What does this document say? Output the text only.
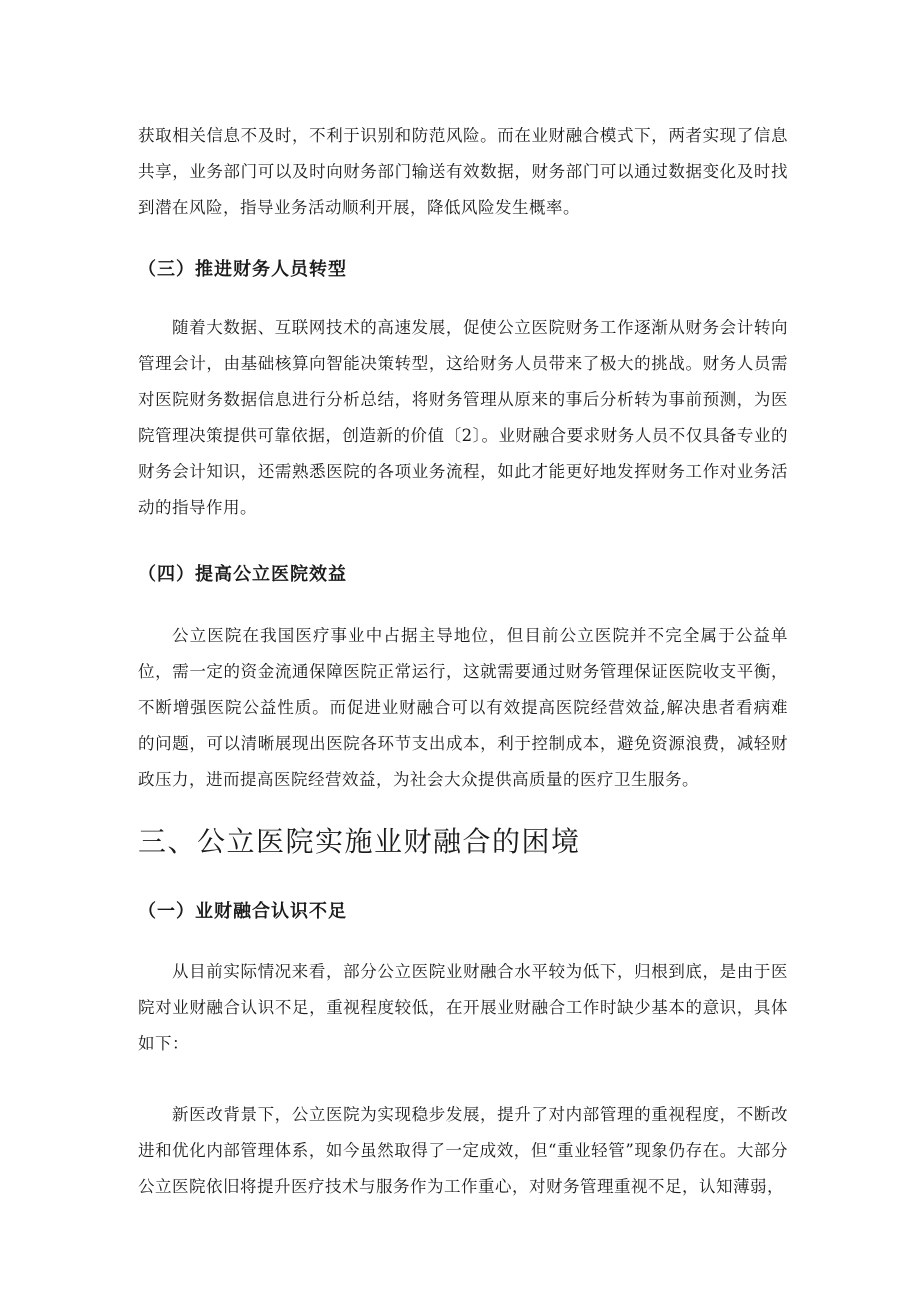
获取相关信息不及时，不利于识别和防范风险。而在业财融合模式下，两者实现了信息共享，业务部门可以及时向财务部门输送有效数据，财务部门可以通过数据变化及时找到潜在风险，指导业务活动顺利开展，降低风险发生概率。

（三）推进财务人员转型

随着大数据、互联网技术的高速发展，促使公立医院财务工作逐渐从财务会计转向管理会计，由基础核算向智能决策转型，这给财务人员带来了极大的挑战。财务人员需对医院财务数据信息进行分析总结，将财务管理从原来的事后分析转为事前预测，为医院管理决策提供可靠依据，创造新的价值〔2〕。业财融合要求财务人员不仅具备专业的财务会计知识，还需熟悉医院的各项业务流程，如此才能更好地发挥财务工作对业务活动的指导作用。

（四）提高公立医院效益

公立医院在我国医疗事业中占据主导地位，但目前公立医院并不完全属于公益单位，需一定的资金流通保障医院正常运行，这就需要通过财务管理保证医院收支平衡，不断增强医院公益性质。而促进业财融合可以有效提高医院经营效益,解决患者看病难的问题，可以清晰展现出医院各环节支出成本，利于控制成本，避免资源浪费，减轻财政压力，进而提高医院经营效益，为社会大众提供高质量的医疗卫生服务。

三、公立医院实施业财融合的困境
（一）业财融合认识不足

从目前实际情况来看，部分公立医院业财融合水平较为低下，归根到底，是由于医院对业财融合认识不足，重视程度较低，在开展业财融合工作时缺少基本的意识，具体如下：

新医改背景下，公立医院为实现稳步发展，提升了对内部管理的重视程度，不断改进和优化内部管理体系，如今虽然取得了一定成效，但“重业轻管”现象仍存在。大部分公立医院依旧将提升医疗技术与服务作为工作重心，对财务管理重视不足，认知薄弱，
